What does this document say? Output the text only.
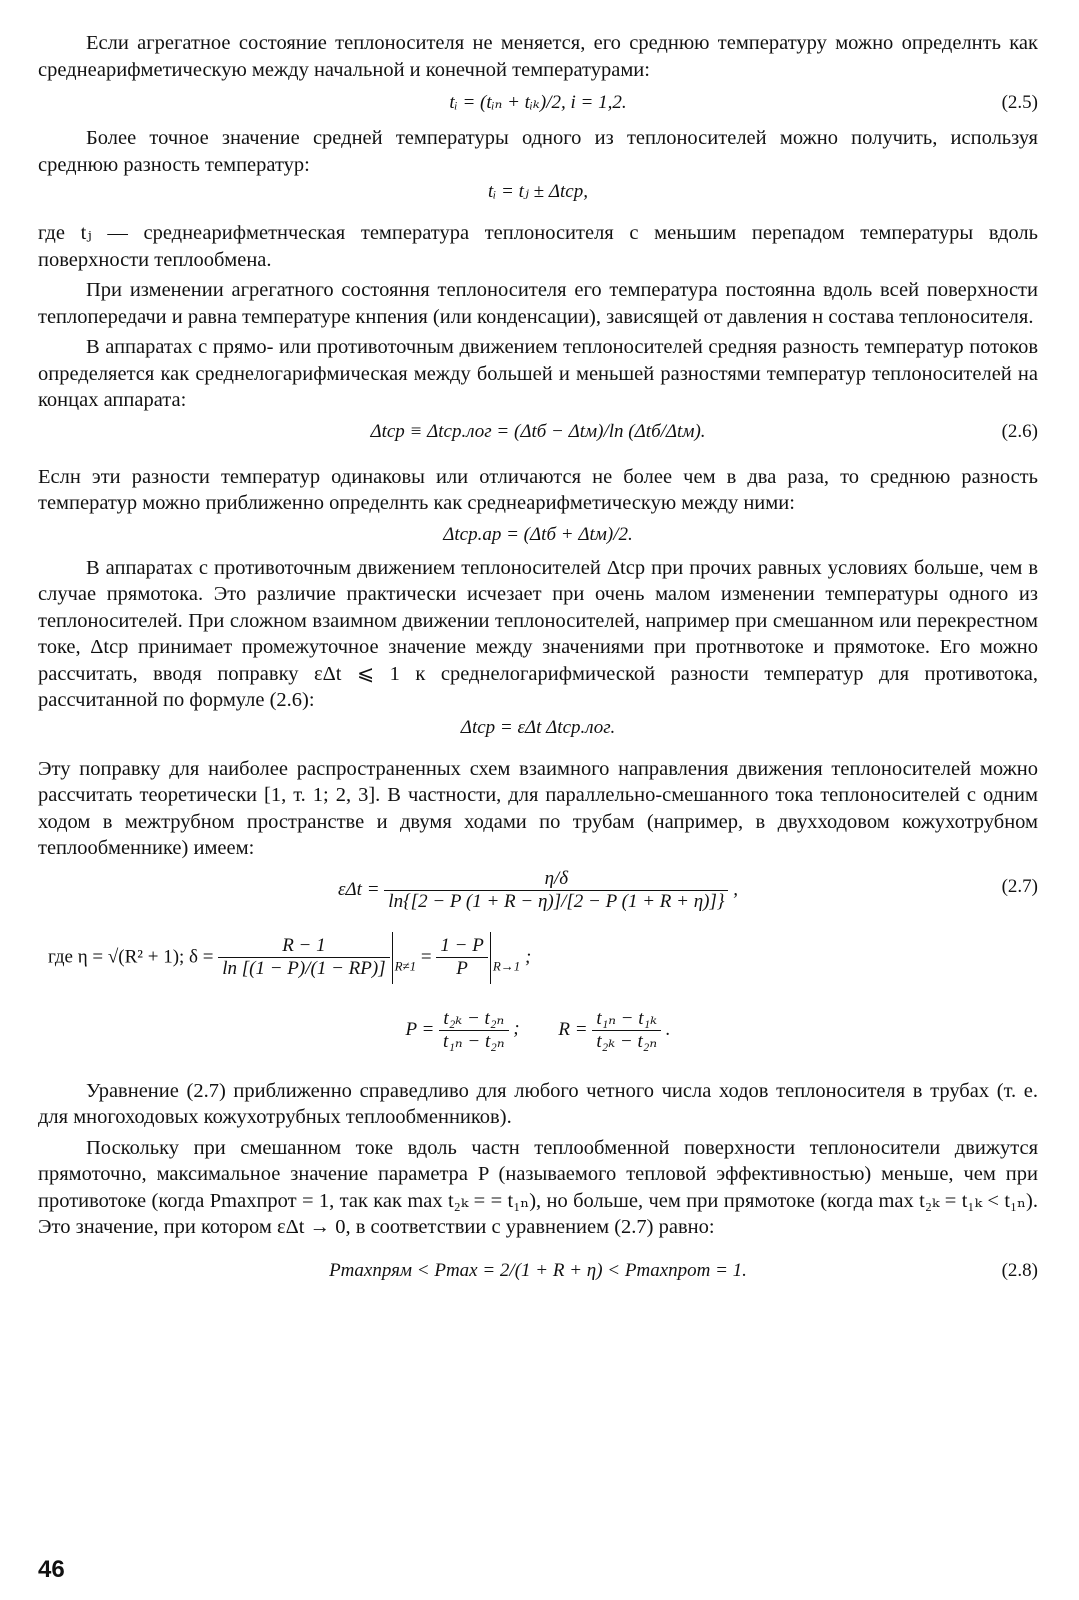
Если агрегатное состояние теплоносителя не меняется, его среднюю температуру можно определнть как среднеарифметическую между начальной и конечной температурами:

tᵢ = (tᵢₙ + tᵢₖ)/2, i = 1,2.	(2.5)

Более точное значение средней температуры одного из теплоносителей можно получить, используя среднюю разность температур:

tᵢ = tⱼ ± Δtср,

где tⱼ — среднеарифметнческая температура теплоносителя с меньшим перепадом температуры вдоль поверхности теплообмена.

При изменении агрегатного состояння теплоносителя его температура постоянна вдоль всей поверхности теплопередачи и равна температуре кнпения (или конденсации), зависящей от давления н состава теплоносителя.

В аппаратах с прямо- или противоточным движением теплоносителей средняя разность температур потоков определяется как среднелогарифмическая между большей и меньшей разностями температур теплоносителей на концах аппарата:

Δtср ≡ Δtср.лог = (Δtб − Δtм)/ln (Δtб/Δtм).	(2.6)

Еслн эти разности температур одинаковы или отличаются не более чем в два раза, то среднюю разность температур можно приближенно определнть как среднеарифметическую между ними:

Δtср.ар = (Δtб + Δtм)/2.

В аппаратах с противоточным движением теплоносителей Δtср при прочих равных условиях больше, чем в случае прямотока. Это различие практически исчезает при очень малом изменении температуры одного из теплоносителей. При сложном взаимном движении теплоносителей, например при смешанном или перекрестном токе, Δtср принимает промежуточное значение между значениями при протнвотоке и прямотоке. Его можно рассчитать, вводя поправку εΔt ⩽ 1 к среднелогарифмической разности температур для противотока, рассчитанной по формуле (2.6):

Δtср = εΔt Δtср.лог.

Эту поправку для наиболее распространенных схем взаимного направления движения теплоносителей можно рассчитать теоретически [1, т. 1; 2, 3]. В частности, для параллельно-смешанного тока теплоносителей с одним ходом в межтрубном пространстве и двумя ходами по трубам (например, в двухходовом кожухотрубном теплообменнике) имеем:

$\varepsilon\Delta t = \frac{\eta/\delta}{\ln\{[2 - P (1 + R - \eta)]/[2 - P (1 + R + \eta)]\}}$ ,	(2.7)
где η = √(R² + 1); $\delta = \frac{R - 1}{\ln [(1 - P)/(1 - RP)]} _{R\ne 1} = \frac{1 - P}{P} _{R\to 1}$ ;
$P = \frac{\text{t₂ₖ − t₂ₙ}}{\text{t₁ₙ − t₂ₙ}}$ ; $R = \frac{\text{t₁ₙ − t₁ₖ}}{\text{t₂ₖ − t₂ₙ}}$ .

Уравнение (2.7) приближенно справедливо для любого четного числа ходов теплоносителя в трубах (т. е. для многоходовых кожухотрубных теплообменников).

Поскольку при смешанном токе вдоль частн теплообменной поверхности теплоносители движутся прямоточно, максимальное значение параметра P (называемого тепловой эффективностью) меньше, чем при противотоке (когда Pmaxпрот = 1, так как max t₂ₖ = = t₁ₙ), но больше, чем при прямотоке (когда max t₂ₖ = t₁ₖ < t₁ₙ). Это значение, при котором εΔt → 0, в соответствии с уравнением (2.7) равно:

Pmaxпрям < Pmax = 2/(1 + R + η) < Pmaxпрот = 1.	(2.8)
46
